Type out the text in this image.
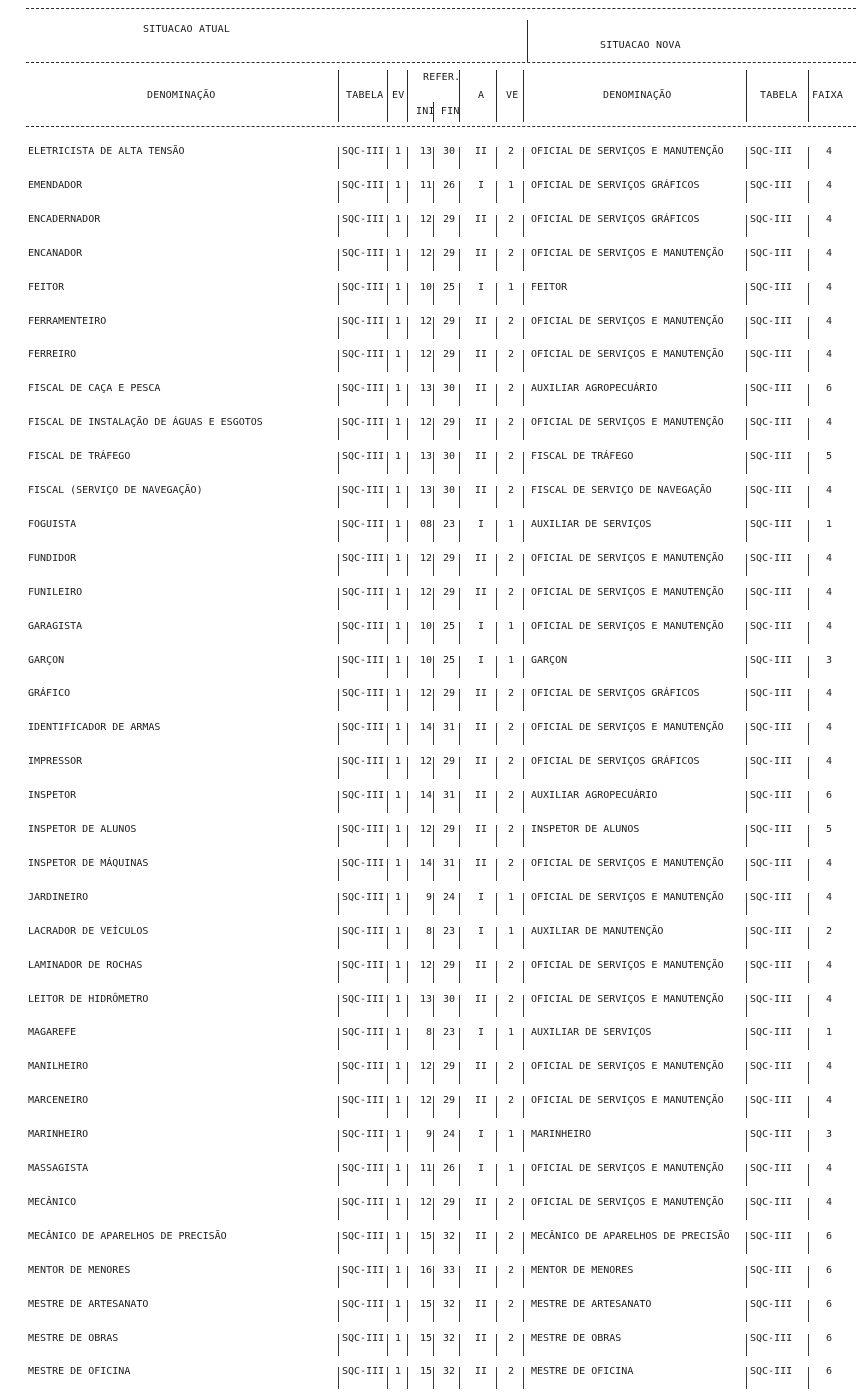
SITUACAO ATUAL
SITUACAO NOVA
DENOMINAÇÃO	TABELA EV
REFER.
INI FIN
A VE	DENOMINAÇÃO	TABELA FAIXA
ELETRICISTA DE ALTA TENSÃO	SQC-III	1	13	30	II	2	OFICIAL DE SERVIÇOS E MANUTENÇÃO	SQC-III	4
EMENDADOR	SQC-III	1	11	26	I	1	OFICIAL DE SERVIÇOS GRÁFICOS	SQC-III	4
ENCADERNADOR	SQC-III	1	12	29	II	2	OFICIAL DE SERVIÇOS GRÁFICOS	SQC-III	4
ENCANADOR	SQC-III	1	12	29	II	2	OFICIAL DE SERVIÇOS E MANUTENÇÃO	SQC-III	4
FEITOR	SQC-III	1	10	25	I	1	FEITOR	SQC-III	4
FERRAMENTEIRO	SQC-III	1	12	29	II	2	OFICIAL DE SERVIÇOS E MANUTENÇÃO	SQC-III	4
FERREIRO	SQC-III	1	12	29	II	2	OFICIAL DE SERVIÇOS E MANUTENÇÃO	SQC-III	4
FISCAL DE CAÇA E PESCA	SQC-III	1	13	30	II	2	AUXILIAR AGROPECUÁRIO	SQC-III	6
FISCAL DE INSTALAÇÃO DE ÁGUAS E ESGOTOS	SQC-III	1	12	29	II	2	OFICIAL DE SERVIÇOS E MANUTENÇÃO	SQC-III	4
FISCAL DE TRÁFEGO	SQC-III	1	13	30	II	2	FISCAL DE TRÁFEGO	SQC-III	5
FISCAL (SERVIÇO DE NAVEGAÇÃO)	SQC-III	1	13	30	II	2	FISCAL DE SERVIÇO DE NAVEGAÇÃO	SQC-III	4
FOGUISTA	SQC-III	1	08	23	I	1	AUXILIAR DE SERVIÇOS	SQC-III	1
FUNDIDOR	SQC-III	1	12	29	II	2	OFICIAL DE SERVIÇOS E MANUTENÇÃO	SQC-III	4
FUNILEIRO	SQC-III	1	12	29	II	2	OFICIAL DE SERVIÇOS E MANUTENÇÃO	SQC-III	4
GARAGISTA	SQC-III	1	10	25	I	1	OFICIAL DE SERVIÇOS E MANUTENÇÃO	SQC-III	4
GARÇON	SQC-III	1	10	25	I	1	GARÇON	SQC-III	3
GRÁFICO	SQC-III	1	12	29	II	2	OFICIAL DE SERVIÇOS GRÁFICOS	SQC-III	4
IDENTIFICADOR DE ARMAS	SQC-III	1	14	31	II	2	OFICIAL DE SERVIÇOS E MANUTENÇÃO	SQC-III	4
IMPRESSOR	SQC-III	1	12	29	II	2	OFICIAL DE SERVIÇOS GRÁFICOS	SQC-III	4
INSPETOR	SQC-III	1	14	31	II	2	AUXILIAR AGROPECUÁRIO	SQC-III	6
INSPETOR DE ALUNOS	SQC-III	1	12	29	II	2	INSPETOR DE ALUNOS	SQC-III	5
INSPETOR DE MÁQUINAS	SQC-III	1	14	31	II	2	OFICIAL DE SERVIÇOS E MANUTENÇÃO	SQC-III	4
JARDINEIRO	SQC-III	1	9	24	I	1	OFICIAL DE SERVIÇOS E MANUTENÇÃO	SQC-III	4
LACRADOR DE VEÍCULOS	SQC-III	1	8	23	I	1	AUXILIAR DE MANUTENÇÃO	SQC-III	2
LAMINADOR DE ROCHAS	SQC-III	1	12	29	II	2	OFICIAL DE SERVIÇOS E MANUTENÇÃO	SQC-III	4
LEITOR DE HIDRÔMETRO	SQC-III	1	13	30	II	2	OFICIAL DE SERVIÇOS E MANUTENÇÃO	SQC-III	4
MAGAREFE	SQC-III	1	8	23	I	1	AUXILIAR DE SERVIÇOS	SQC-III	1
MANILHEIRO	SQC-III	1	12	29	II	2	OFICIAL DE SERVIÇOS E MANUTENÇÃO	SQC-III	4
MARCENEIRO	SQC-III	1	12	29	II	2	OFICIAL DE SERVIÇOS E MANUTENÇÃO	SQC-III	4
MARINHEIRO	SQC-III	1	9	24	I	1	MARINHEIRO	SQC-III	3
MASSAGISTA	SQC-III	1	11	26	I	1	OFICIAL DE SERVIÇOS E MANUTENÇÃO	SQC-III	4
MECÂNICO	SQC-III	1	12	29	II	2	OFICIAL DE SERVIÇOS E MANUTENÇÃO	SQC-III	4
MECÂNICO DE APARELHOS DE PRECISÃO	SQC-III	1	15	32	II	2	MECÂNICO DE APARELHOS DE PRECISÃO	SQC-III	6
MENTOR DE MENORES	SQC-III	1	16	33	II	2	MENTOR DE MENORES	SQC-III	6
MESTRE DE ARTESANATO	SQC-III	1	15	32	II	2	MESTRE DE ARTESANATO	SQC-III	6
MESTRE DE OBRAS	SQC-III	1	15	32	II	2	MESTRE DE OBRAS	SQC-III	6
MESTRE DE OFICINA	SQC-III	1	15	32	II	2	MESTRE DE OFICINA	SQC-III	6
